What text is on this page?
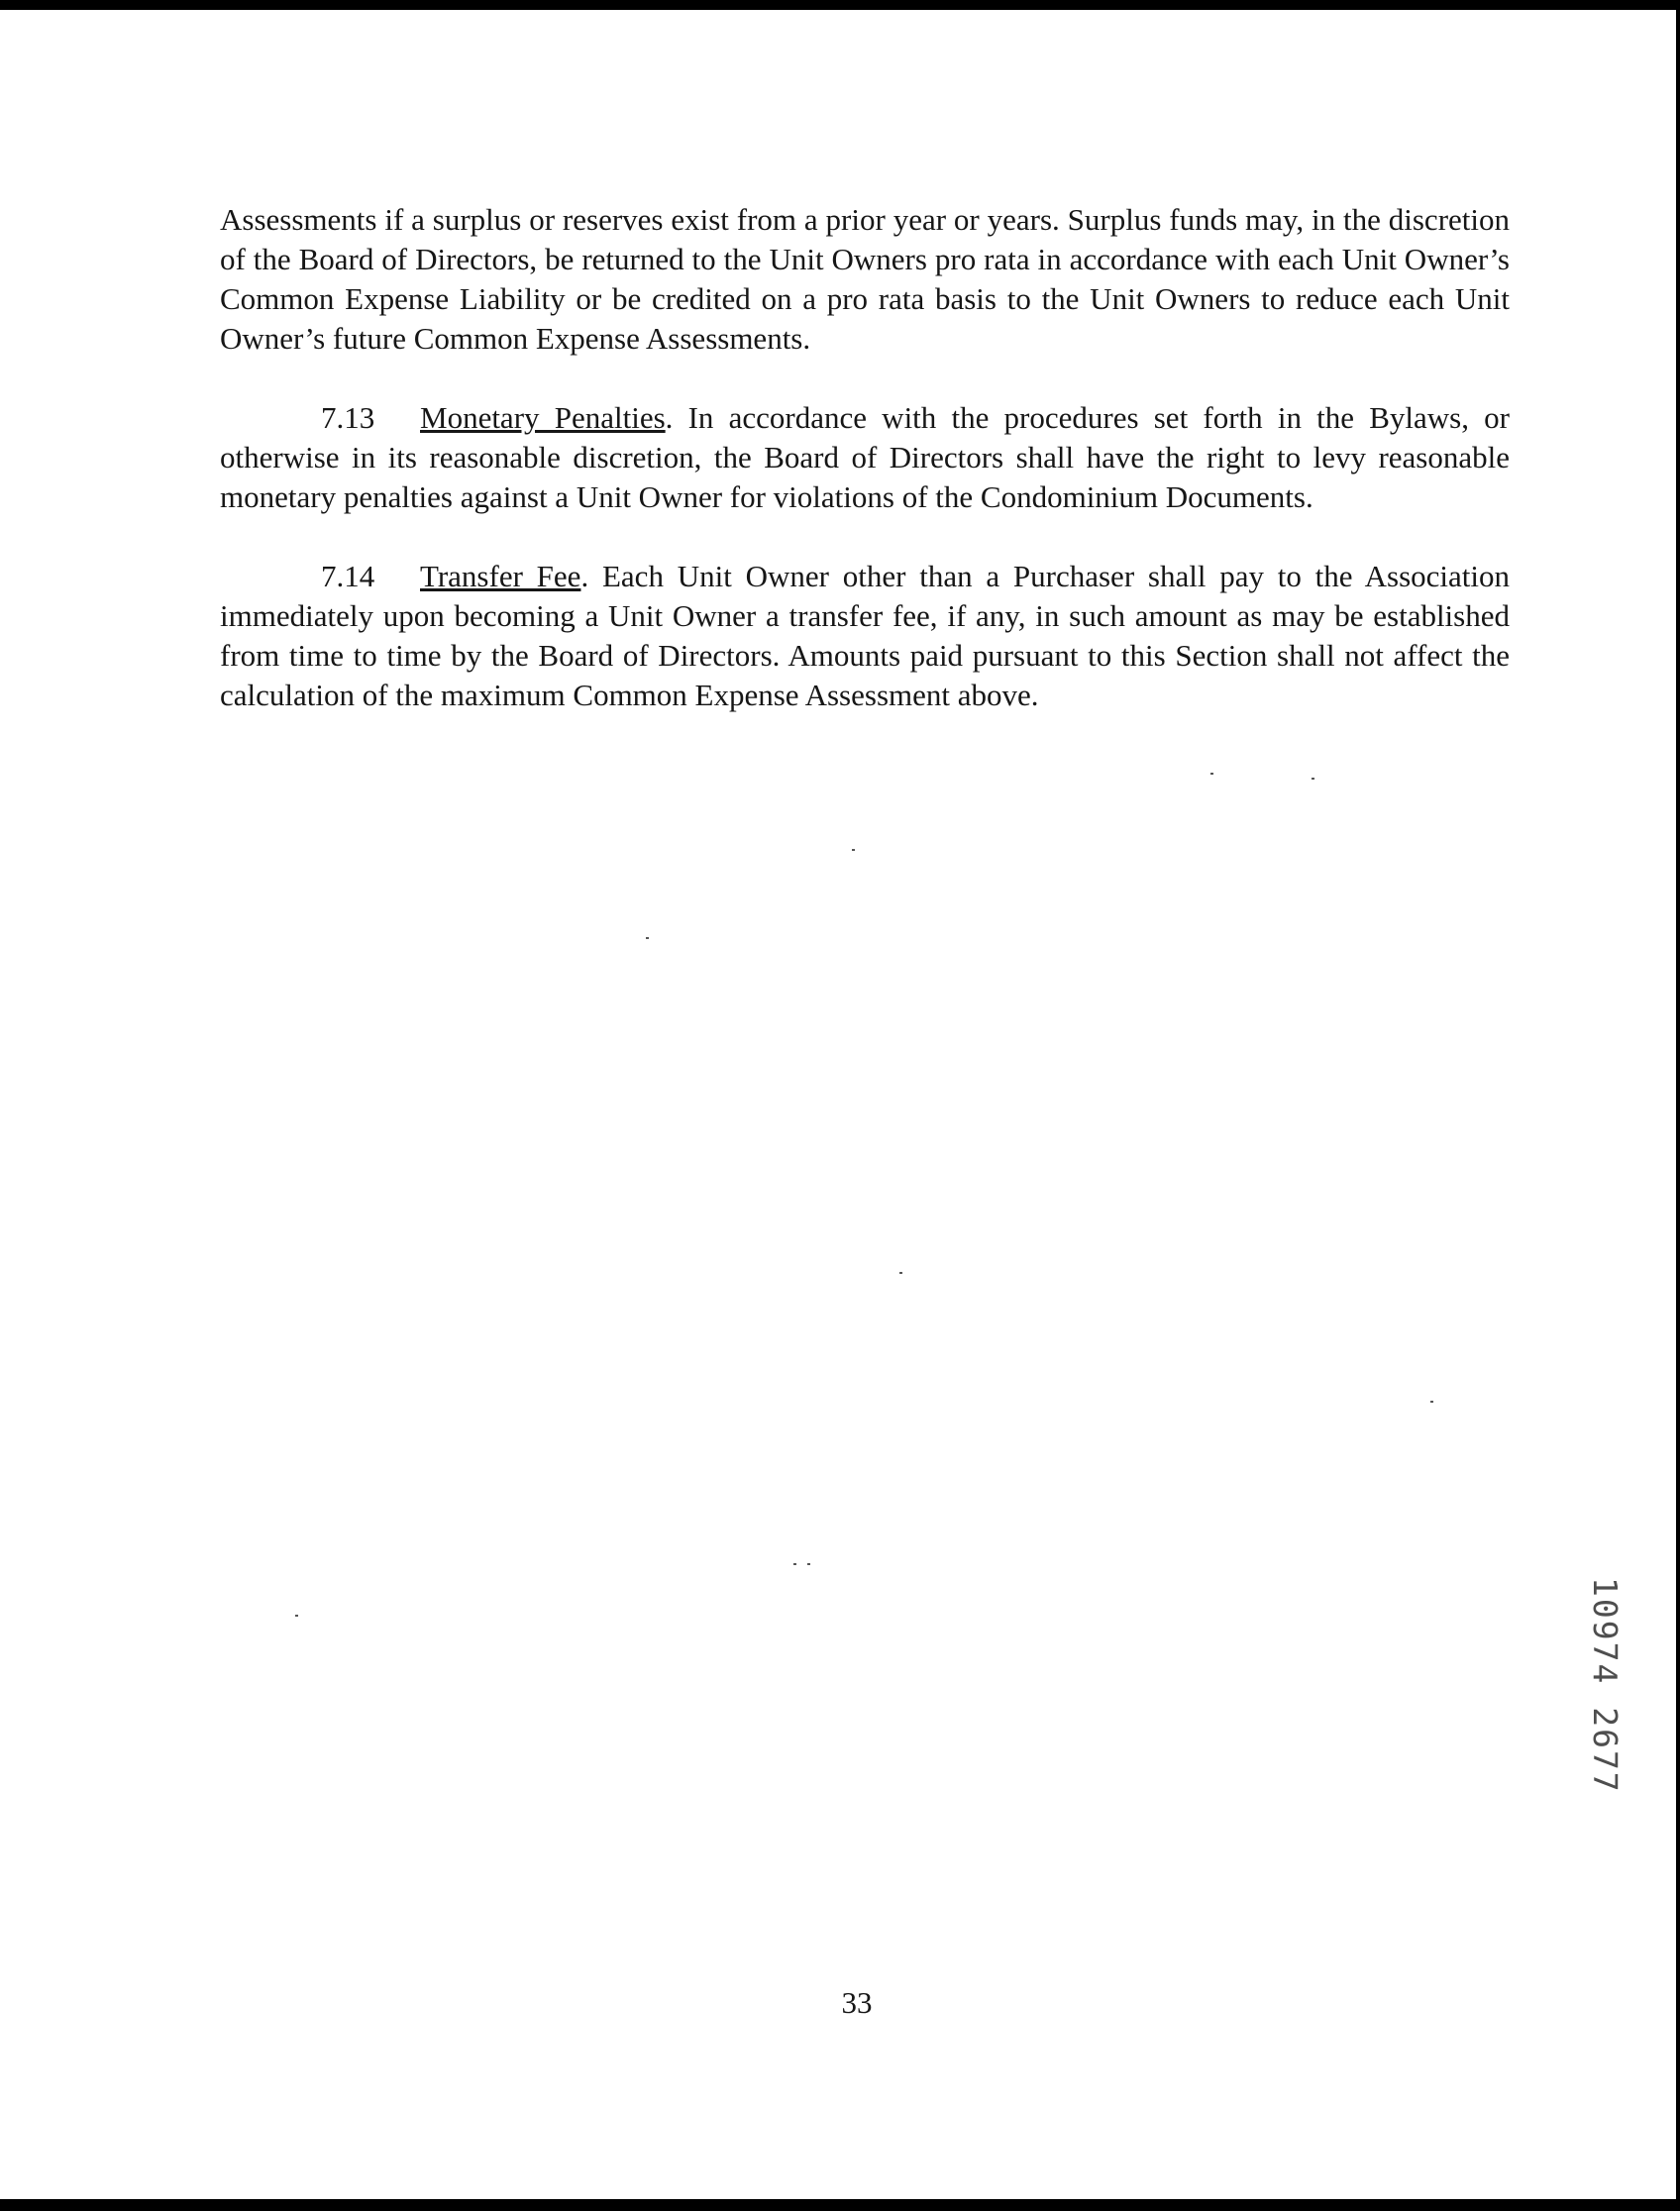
Assessments if a surplus or reserves exist from a prior year or years. Surplus funds may, in the discretion of the Board of Directors, be returned to the Unit Owners pro rata in accordance with each Unit Owner’s Common Expense Liability or be credited on a pro rata basis to the Unit Owners to reduce each Unit Owner’s future Common Expense Assessments.

7.13 Monetary Penalties. In accordance with the procedures set forth in the Bylaws, or otherwise in its reasonable discretion, the Board of Directors shall have the right to levy reasonable monetary penalties against a Unit Owner for violations of the Condominium Documents.

7.14 Transfer Fee. Each Unit Owner other than a Purchaser shall pay to the Association immediately upon becoming a Unit Owner a transfer fee, if any, in such amount as may be established from time to time by the Board of Directors. Amounts paid pursuant to this Section shall not affect the calculation of the maximum Common Expense Assessment above.

10974 2677
33
